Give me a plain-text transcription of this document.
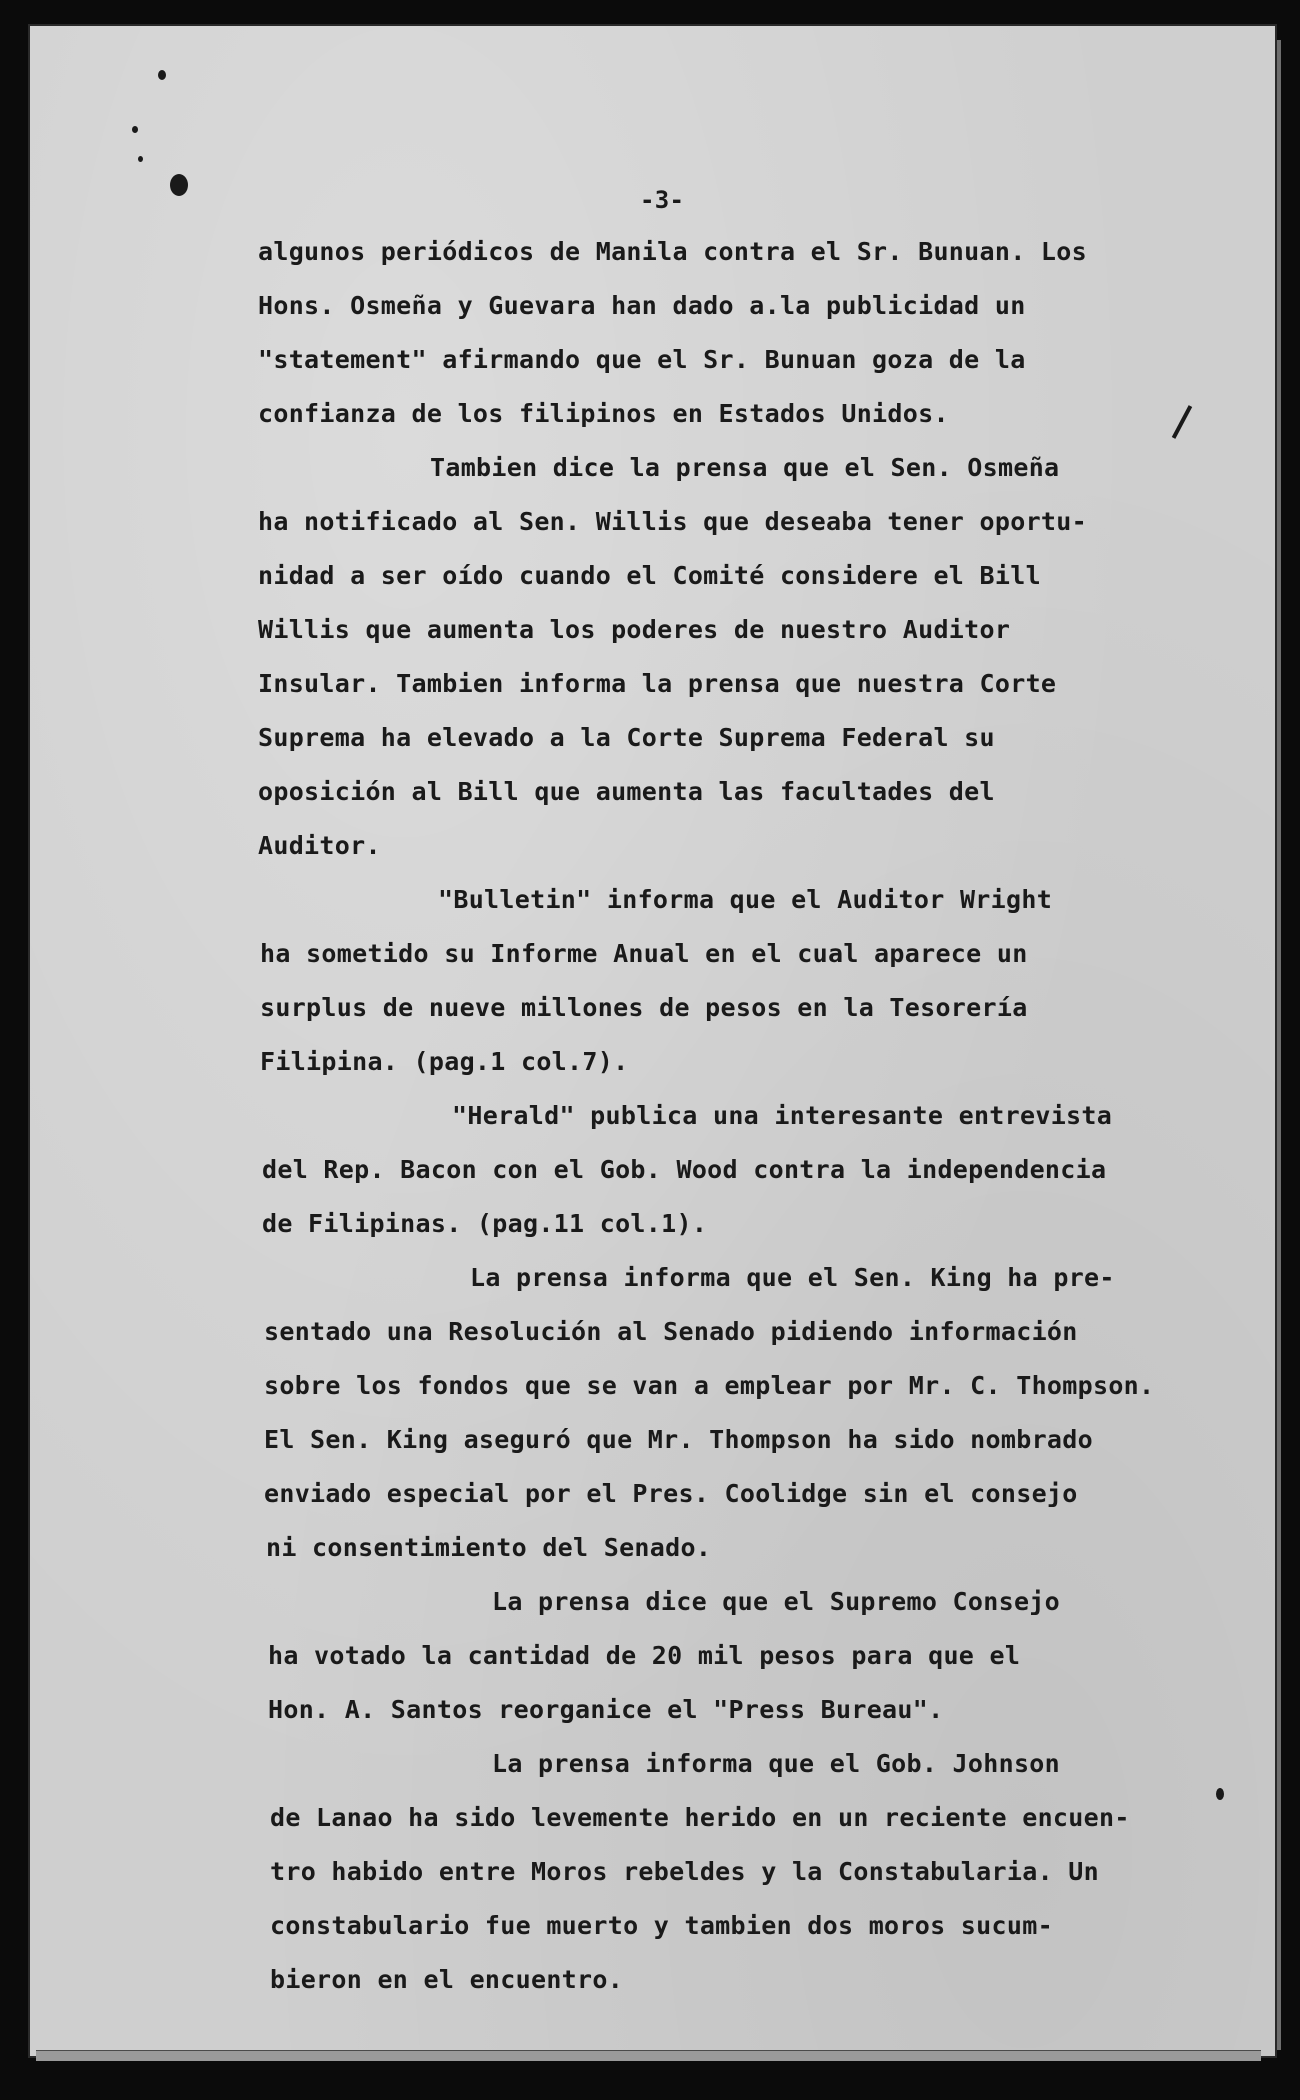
-3-
algunos periódicos de Manila contra el Sr. Bunuan. Los
Hons. Osmeña y Guevara han dado a.la publicidad un
"statement" afirmando que el Sr. Bunuan goza de la
confianza de los filipinos en Estados Unidos.
Tambien dice la prensa que el Sen. Osmeña
ha notificado al Sen. Willis que deseaba tener oportu-
nidad a ser oído cuando el Comité considere el Bill
Willis que aumenta los poderes de nuestro Auditor
Insular. Tambien informa la prensa que nuestra Corte
Suprema ha elevado a la Corte Suprema Federal su
oposición al Bill que aumenta las facultades del
Auditor.
"Bulletin" informa que el Auditor Wright
ha sometido su Informe Anual en el cual aparece un
surplus de nueve millones de pesos en la Tesorería
Filipina. (pag.1 col.7).
"Herald" publica una interesante entrevista
del Rep. Bacon con el Gob. Wood contra la independencia
de Filipinas. (pag.11 col.1).
La prensa informa que el Sen. King ha pre-
sentado una Resolución al Senado pidiendo información
sobre los fondos que se van a emplear por Mr. C. Thompson.
El Sen. King aseguró que Mr. Thompson ha sido nombrado
enviado especial por el Pres. Coolidge sin el consejo
ni consentimiento del Senado.
La prensa dice que el Supremo Consejo
ha votado la cantidad de 20 mil pesos para que el
Hon. A. Santos reorganice el "Press Bureau".
La prensa informa que el Gob. Johnson
de Lanao ha sido levemente herido en un reciente encuen-
tro habido entre Moros rebeldes y la Constabularia. Un
constabulario fue muerto y tambien dos moros sucum-
bieron en el encuentro.
